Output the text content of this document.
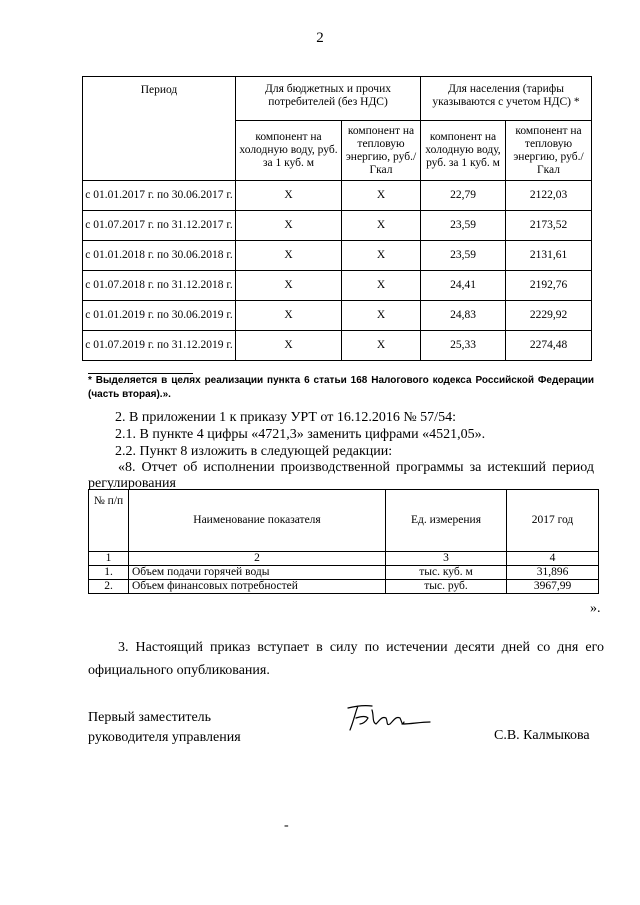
2
Период	Для бюджетных и прочих потребителей (без НДС)		Для населения (тарифы указываются с учетом НДС) *	
	компонент на холодную воду, руб. за 1 куб. м	компонент на тепловую энергию, руб./Гкал	компонент на холодную воду, руб. за 1 куб. м	компонент на тепловую энергию, руб./Гкал
с 01.01.2017 г. по 30.06.2017 г.	Х	Х	22,79	2122,03
с 01.07.2017 г. по 31.12.2017 г.	Х	Х	23,59	2173,52
с 01.01.2018 г. по 30.06.2018 г.	Х	Х	23,59	2131,61
с 01.07.2018 г. по 31.12.2018 г.	Х	Х	24,41	2192,76
с 01.01.2019 г. по 30.06.2019 г.	Х	Х	24,83	2229,92
с 01.07.2019 г. по 31.12.2019 г.	Х	Х	25,33	2274,48
* Выделяется в целях реализации пункта 6 статьи 168 Налогового кодекса Российской Федерации (часть вторая).».
2. В приложении 1 к приказу УРТ от 16.12.2016 № 57/54:
2.1. В пункте 4 цифры «4721,3» заменить цифрами «4521,05».
2.2. Пункт 8 изложить в следующей редакции:
«8. Отчет об исполнении производственной программы за истекший период регулирования
№ п/п	Наименование показателя	Ед. измерения	2017 год
1	2	3	4
1.	Объем подачи горячей воды	тыс. куб. м	31,896
2.	Объем финансовых потребностей	тыс. руб.	3967,99
».
3. Настоящий приказ вступает в силу по истечении десяти дней со дня его официального опубликования.
Первый заместитель руководителя управления	С.В. Калмыкова
-
